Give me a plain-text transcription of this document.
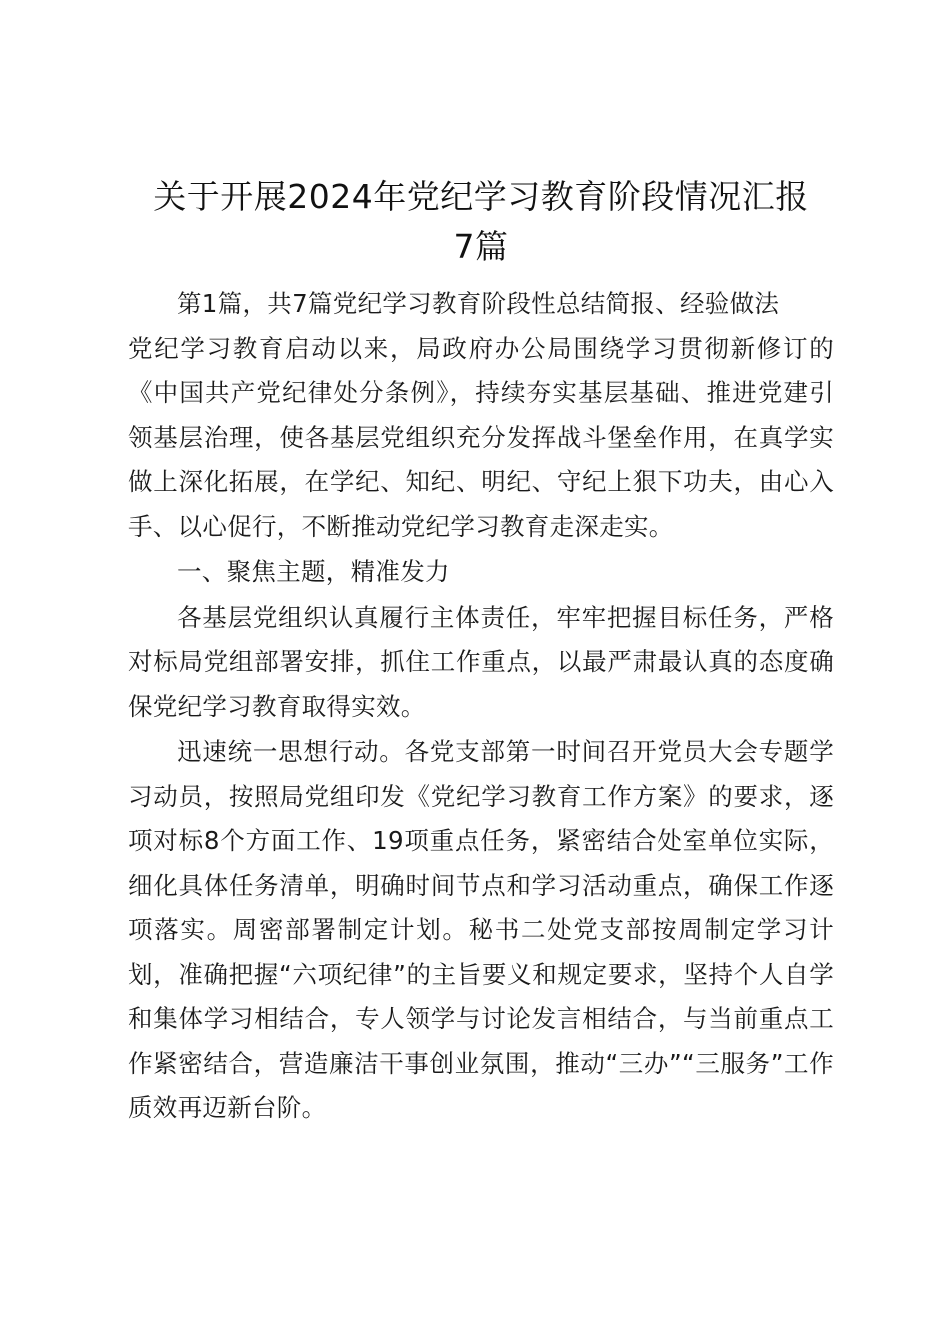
关于开展2024年党纪学习教育阶段情况汇报
7篇

第1篇，共7篇党纪学习教育阶段性总结简报、经验做法

党纪学习教育启动以来，局政府办公局围绕学习贯彻新修订的《中国共产党纪律处分条例》，持续夯实基层基础、推进党建引领基层治理，使各基层党组织充分发挥战斗堡垒作用，在真学实做上深化拓展，在学纪、知纪、明纪、守纪上狠下功夫，由心入手、以心促行，不断推动党纪学习教育走深走实。

一、聚焦主题，精准发力

各基层党组织认真履行主体责任，牢牢把握目标任务，严格对标局党组部署安排，抓住工作重点，以最严肃最认真的态度确保党纪学习教育取得实效。

迅速统一思想行动。各党支部第一时间召开党员大会专题学习动员，按照局党组印发《党纪学习教育工作方案》的要求，逐项对标8个方面工作、19项重点任务，紧密结合处室单位实际，细化具体任务清单，明确时间节点和学习活动重点，确保工作逐项落实。周密部署制定计划。秘书二处党支部按周制定学习计划，准确把握“六项纪律”的主旨要义和规定要求，坚持个人自学和集体学习相结合，专人领学与讨论发言相结合，与当前重点工作紧密结合，营造廉洁干事创业氛围，推动“三办”“三服务”工作质效再迈新台阶。
